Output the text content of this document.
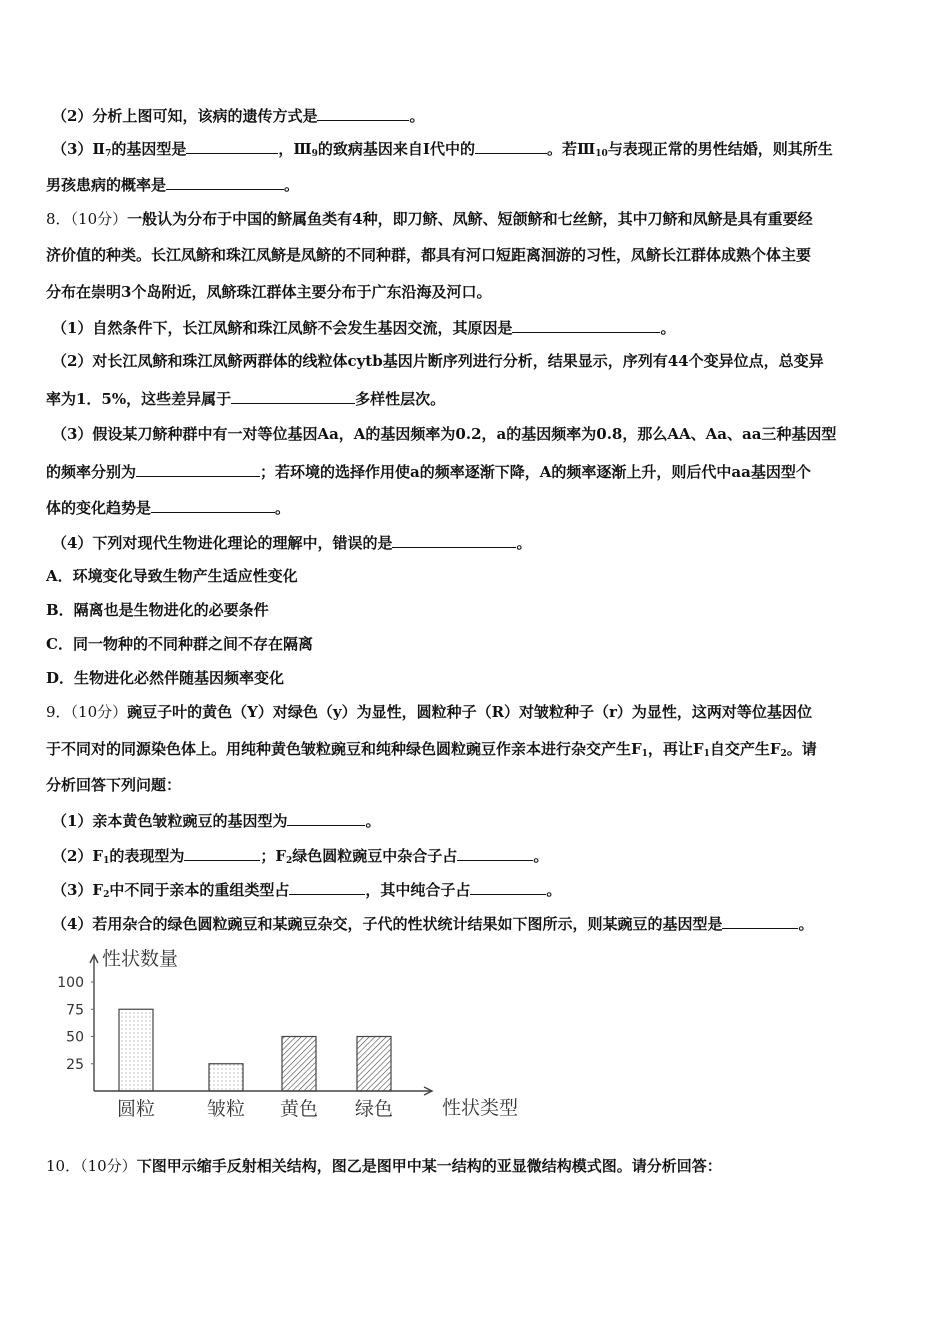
（2）分析上图可知，该病的遗传方式是	。
$(3)Ⅱ_7$的基因型是	，$Ⅲ_9$的致病基因来自Ⅰ代中的	。若$Ⅲ_{10}$与表现正常的男性结婚，则其所生
男孩患病的概率是	。
8．（10分）一般认为分布于中国的鲚属鱼类有4种，即刀鲚、凤鲚、短颌鲚和七丝鲚，其中刀鲚和凤鲚是具有重要经
济价值的种类。长江凤鲚和珠江凤鲚是凤鲚的不同种群，都具有河口短距离洄游的习性，凤鲚长江群体成熟个体主要
分布在崇明3个岛附近，凤鲚珠江群体主要分布于广东沿海及河口。
（1）自然条件下，长江凤鲚和珠江凤鲚不会发生基因交流，其原因是	。
（2）对长江凤鲚和珠江凤鲚两群体的线粒体cytb基因片断序列进行分析，结果显示，序列有44个变异位点，总变异
率为1．5%，这些差异属于	多样性层次。
（3）假设某刀鲚种群中有一对等位基因Aa，A的基因频率为0.2，a的基因频率为0.8，那么AA、Aa、aa三种基因型
的频率分别为	；若环境的选择作用使a的频率逐渐下降，A的频率逐渐上升，则后代中aa基因型个
体的变化趋势是	。
（4）下列对现代生物进化理论的理解中，错误的是	。
A．环境变化导致生物产生适应性变化
B．隔离也是生物进化的必要条件
C．同一物种的不同种群之间不存在隔离
D．生物进化必然伴随基因频率变化
9．（10分）豌豆子叶的黄色（Y）对绿色（y）为显性，圆粒种子（R）对皱粒种子（r）为显性，这两对等位基因位
于不同对的同源染色体上。用纯种黄色皱粒豌豆和纯种绿色圆粒豌豆作亲本进行杂交产生$F_1$，再让$F_1$自交产生$F_2$。请
分析回答下列问题：
（1）亲本黄色皱粒豌豆的基因型为	。
$(2)F_1$的表现型为	；$F_2$绿色圆粒豌豆中杂合子占	。
$(3)F_2$中不同于亲本的重组类型占	，其中纯合子占	。
（4）若用杂合的绿色圆粒豌豆和某豌豆杂交，子代的性状统计结果如下图所示，则某豌豆的基因型是	。
100
75
50
25
性状数量
性状类型
圆粒	皱粒 黄色 绿色
10．（10分）下图甲示缩手反射相关结构，图乙是图甲中某一结构的亚显微结构模式图。请分析回答：
